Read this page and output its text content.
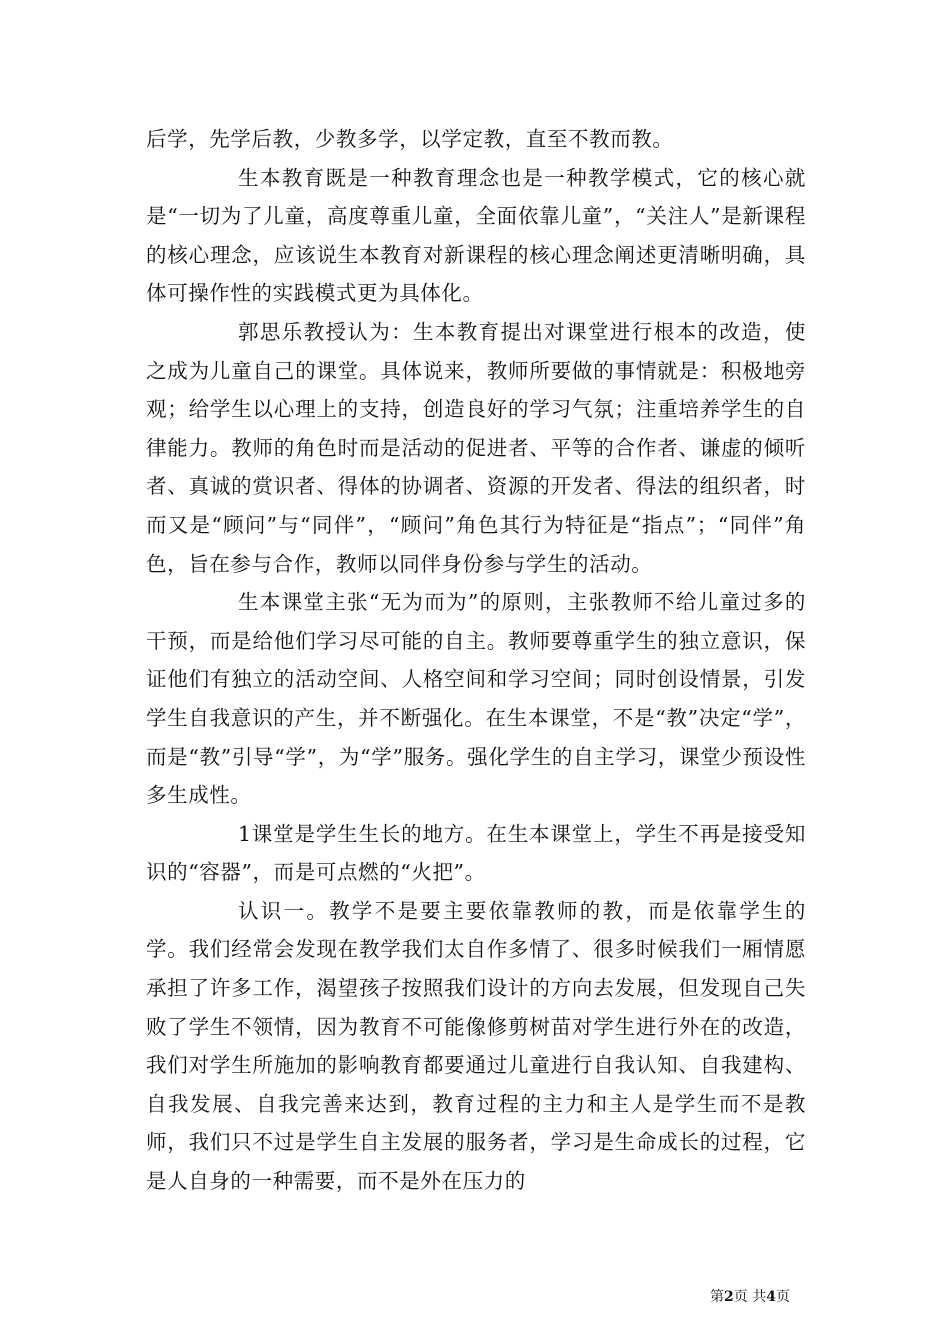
后学，先学后教，少教多学，以学定教，直至不教而教。

生本教育既是一种教育理念也是一种教学模式，它的核心就是“一切为了儿童，高度尊重儿童，全面依靠儿童”，“关注人”是新课程的核心理念，应该说生本教育对新课程的核心理念阐述更清晰明确，具体可操作性的实践模式更为具体化。

郭思乐教授认为：生本教育提出对课堂进行根本的改造，使之成为儿童自己的课堂。具体说来，教师所要做的事情就是：积极地旁观；给学生以心理上的支持，创造良好的学习气氛；注重培养学生的自律能力。教师的角色时而是活动的促进者、平等的合作者、谦虚的倾听者、真诚的赏识者、得体的协调者、资源的开发者、得法的组织者，时而又是“顾问”与“同伴”，“顾问”角色其行为特征是“指点”；“同伴”角色，旨在参与合作，教师以同伴身份参与学生的活动。

生本课堂主张“无为而为”的原则，主张教师不给儿童过多的干预，而是给他们学习尽可能的自主。教师要尊重学生的独立意识，保证他们有独立的活动空间、人格空间和学习空间；同时创设情景，引发学生自我意识的产生，并不断强化。在生本课堂，不是“教”决定“学”，而是“教”引导“学”，为“学”服务。强化学生的自主学习，课堂少预设性多生成性。

1课堂是学生生长的地方。在生本课堂上，学生不再是接受知识的“容器”，而是可点燃的“火把”。

认识一。教学不是要主要依靠教师的教，而是依靠学生的学。我们经常会发现在教学我们太自作多情了、很多时候我们一厢情愿承担了许多工作，渴望孩子按照我们设计的方向去发展，但发现自己失败了学生不领情，因为教育不可能像修剪树苗对学生进行外在的改造，我们对学生所施加的影响教育都要通过儿童进行自我认知、自我建构、自我发展、自我完善来达到，教育过程的主力和主人是学生而不是教师，我们只不过是学生自主发展的服务者，学习是生命成长的过程，它是人自身的一种需要，而不是外在压力的

第2页 共4页
